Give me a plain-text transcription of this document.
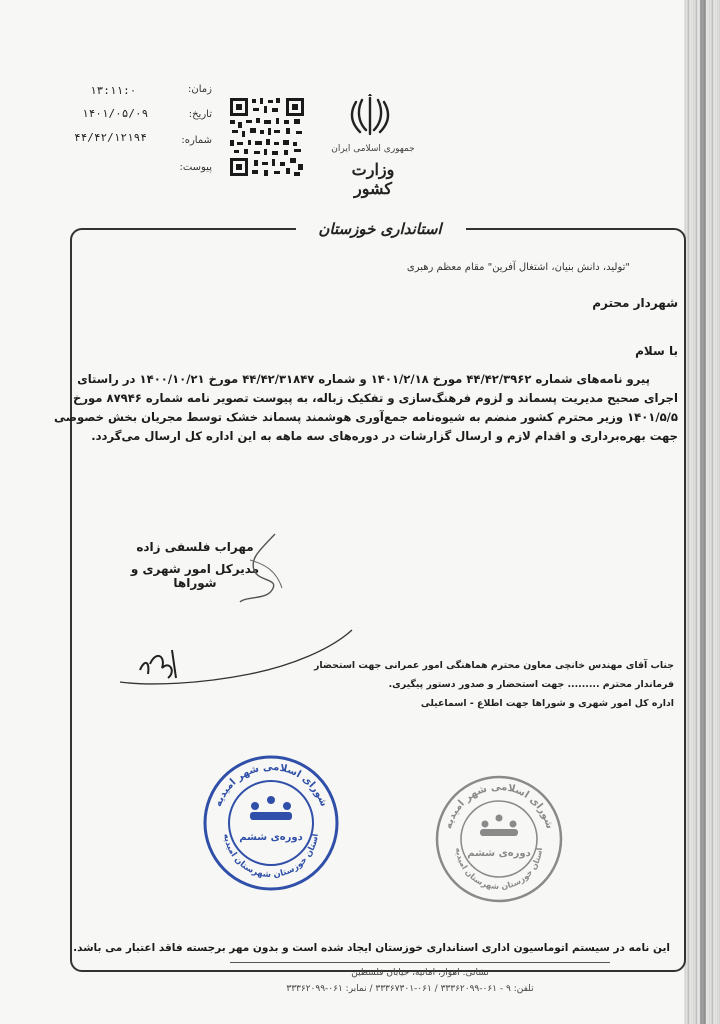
زمان:
۱۳:۱۱:۰
تاریخ:
۱۴۰۱/۰۵/۰۹
شماره:
۴۴/۴۲/۱۲۱۹۴
پیوست:
جمهوری اسلامی ایران
وزارت کشور
استانداری خوزستان
"تولید، دانش بنیان، اشتغال آفرین" مقام معظم رهبری
شهردار محترم
با سلام
پیرو نامه‌های شماره ۴۴/۴۲/۳۹۶۲ مورخ ۱۴۰۱/۲/۱۸ و شماره ۴۴/۴۲/۳۱۸۴۷ مورخ ۱۴۰۰/۱۰/۲۱ در راستای
اجرای صحیح مدیریت پسماند و لزوم فرهنگ‌سازی و تفکیک زباله، به پیوست تصویر نامه شماره ۸۷۹۴۶ مورخ
۱۴۰۱/۵/۵ وزیر محترم کشور منضم به شیوه‌نامه جمع‌آوری هوشمند پسماند خشک توسط مجریان بخش خصوصی
جهت بهره‌برداری و اقدام لازم و ارسال گزارشات در دوره‌های سه ماهه به این اداره کل ارسال می‌گردد.
مهراب فلسفی زاده
مدیرکل امور شهری و شوراها
جناب آقای مهندس خانچی معاون محترم هماهنگی امور عمرانی جهت استحضار
فرماندار محترم ......... جهت استحضار و صدور دستور پیگیری.
اداره کل امور شهری و شوراها جهت اطلاع - اسماعیلی
شورای اسلامی شهر امیدیه
دوره‌ی ششم
استان خوزستان شهرستان امیدیه
شورای اسلامی شهر امیدیه
دوره‌ی ششم
استان خوزستان شهرستان امیدیه
این نامه در سیستم اتوماسیون اداری استانداری خوزستان ایجاد شده است و بدون مهر برجسته فاقد اعتبار می باشد.
نشانی: اهواز، امانیه، خیابان فلسطین
تلفن: ۹ - ۰۶۱-۳۳۳۶۲۰۹۹ / ۰۶۱-۳۳۳۶۷۳۰۱ / نمابر: ۰۶۱-۳۳۳۶۲۰۹۹
